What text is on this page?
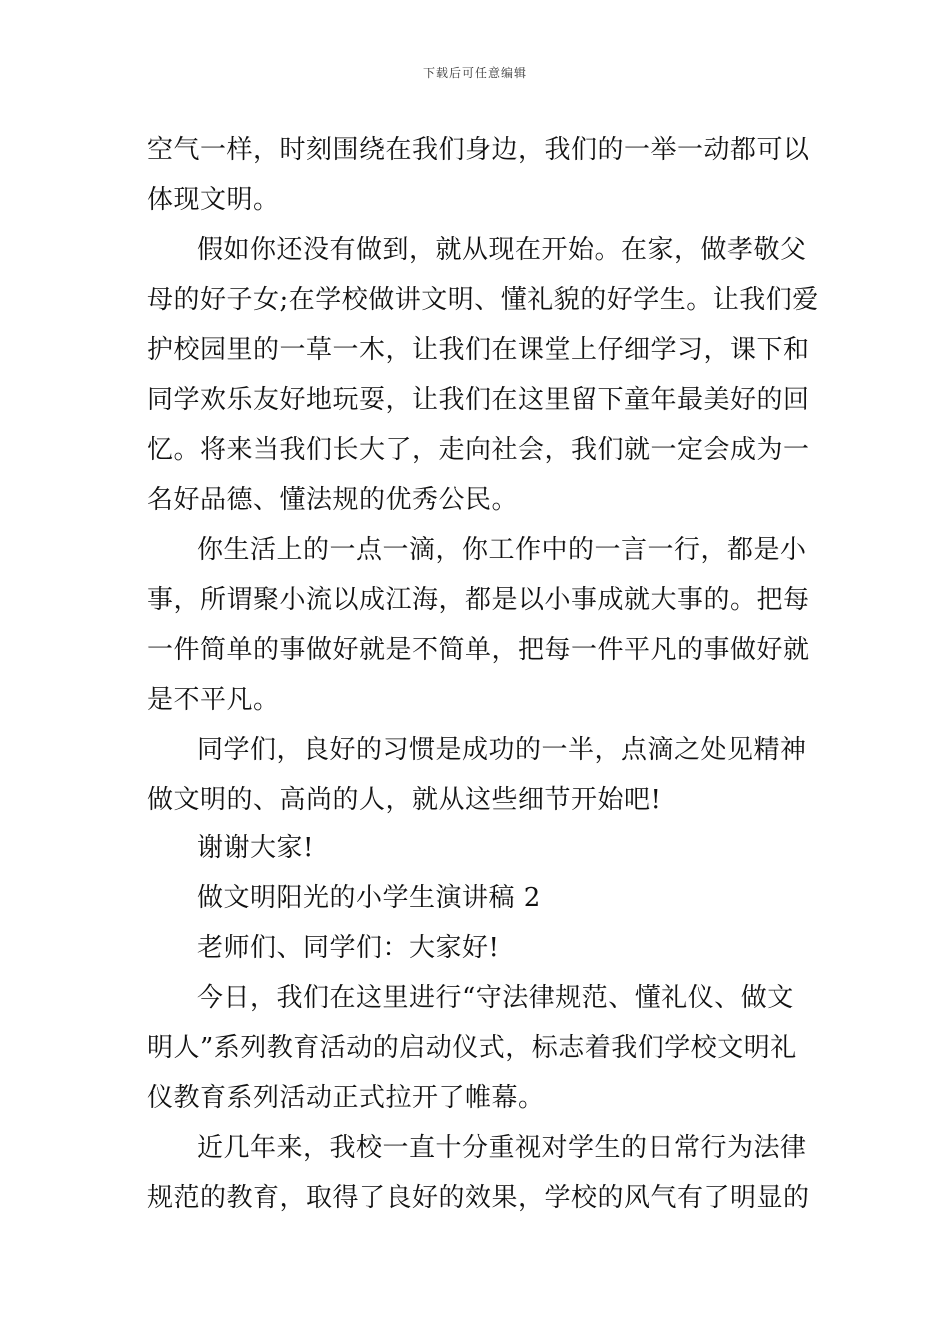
下载后可任意编辑
空气一样，时刻围绕在我们身边，我们的一举一动都可以
体现文明。
假如你还没有做到，就从现在开始。在家，做孝敬父
母的好子女;在学校做讲文明、懂礼貌的好学生。让我们爱
护校园里的一草一木，让我们在课堂上仔细学习，课下和
同学欢乐友好地玩耍，让我们在这里留下童年最美好的回
忆。将来当我们长大了，走向社会，我们就一定会成为一
名好品德、懂法规的优秀公民。
你生活上的一点一滴，你工作中的一言一行，都是小
事，所谓聚小流以成江海，都是以小事成就大事的。把每
一件简单的事做好就是不简单，把每一件平凡的事做好就
是不平凡。
同学们，良好的习惯是成功的一半，点滴之处见精神
做文明的、高尚的人，就从这些细节开始吧!
谢谢大家!
做文明阳光的小学生演讲稿 2
老师们、同学们：大家好!
今日，我们在这里进行“守法律规范、懂礼仪、做文
明人”系列教育活动的启动仪式，标志着我们学校文明礼
仪教育系列活动正式拉开了帷幕。
近几年来，我校一直十分重视对学生的日常行为法律
规范的教育，取得了良好的效果，学校的风气有了明显的
